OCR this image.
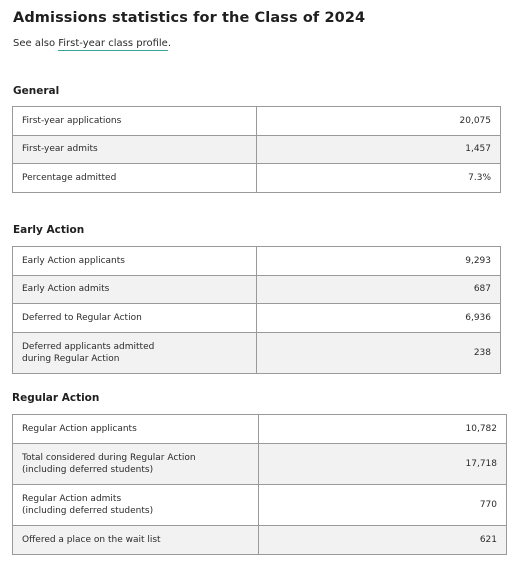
Admissions statistics for the Class of 2024

See also First-year class profile.

General
First-year applications	20,075
First-year admits	1,457
Percentage admitted	7.3%
Early Action
Early Action applicants	9,293
Early Action admits	687
Deferred to Regular Action	6,936
Deferred applicants admitted
during Regular Action	238
Regular Action
Regular Action applicants	10,782
Total considered during Regular Action
(including deferred students)	17,718
Regular Action admits
(including deferred students)	770
Offered a place on the wait list	621
